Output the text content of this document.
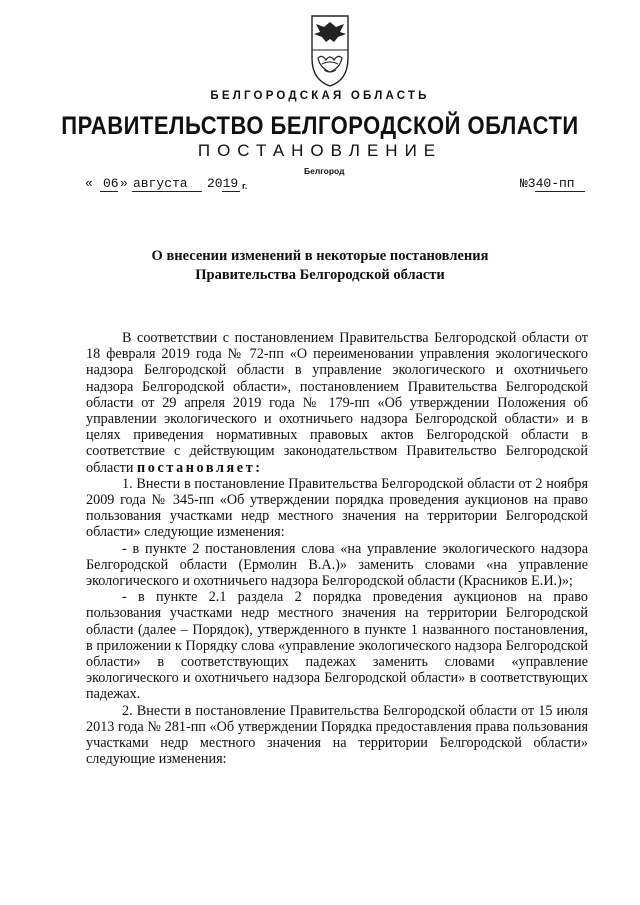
БЕЛГОРОДСКАЯ ОБЛАСТЬ
ПРАВИТЕЛЬСТВО БЕЛГОРОДСКОЙ ОБЛАСТИ
ПОСТАНОВЛЕНИЕ
Белгород
« 06 » августа 2019 г.	№340-пп
О внесении изменений в некоторые постановления
Правительства Белгородской области

В соответствии с постановлением Правительства Белгородской области от 18 февраля 2019 года № 72-пп «О переименовании управления экологического надзора Белгородской области в управление экологического и охотничьего надзора Белгородской области», постановлением Правительства Белгородской области от 29 апреля 2019 года № 179-пп «Об утверждении Положения об управлении экологического и охотничьего надзора Белгородской области» и в целях приведения нормативных правовых актов Белгородской области в соответствие с действующим законодательством Правительство Белгородской области постановляет:

1. Внести в постановление Правительства Белгородской области от 2 ноября 2009 года № 345-пп «Об утверждении порядка проведения аукционов на право пользования участками недр местного значения на территории Белгородской области» следующие изменения:

- в пункте 2 постановления слова «на управление экологического надзора Белгородской области (Ермолин В.А.)» заменить словами «на управление экологического и охотничьего надзора Белгородской области (Красников Е.И.)»;

- в пункте 2.1 раздела 2 порядка проведения аукционов на право пользования участками недр местного значения на территории Белгородской области (далее – Порядок), утвержденного в пункте 1 названного постановления, в приложении к Порядку слова «управление экологического надзора Белгородской области» в соответствующих падежах заменить словами «управление экологического и охотничьего надзора Белгородской области» в соответствующих падежах.

2. Внести в постановление Правительства Белгородской области от 15 июля 2013 года № 281-пп «Об утверждении Порядка предоставления права пользования участками недр местного значения на территории Белгородской области» следующие изменения:
